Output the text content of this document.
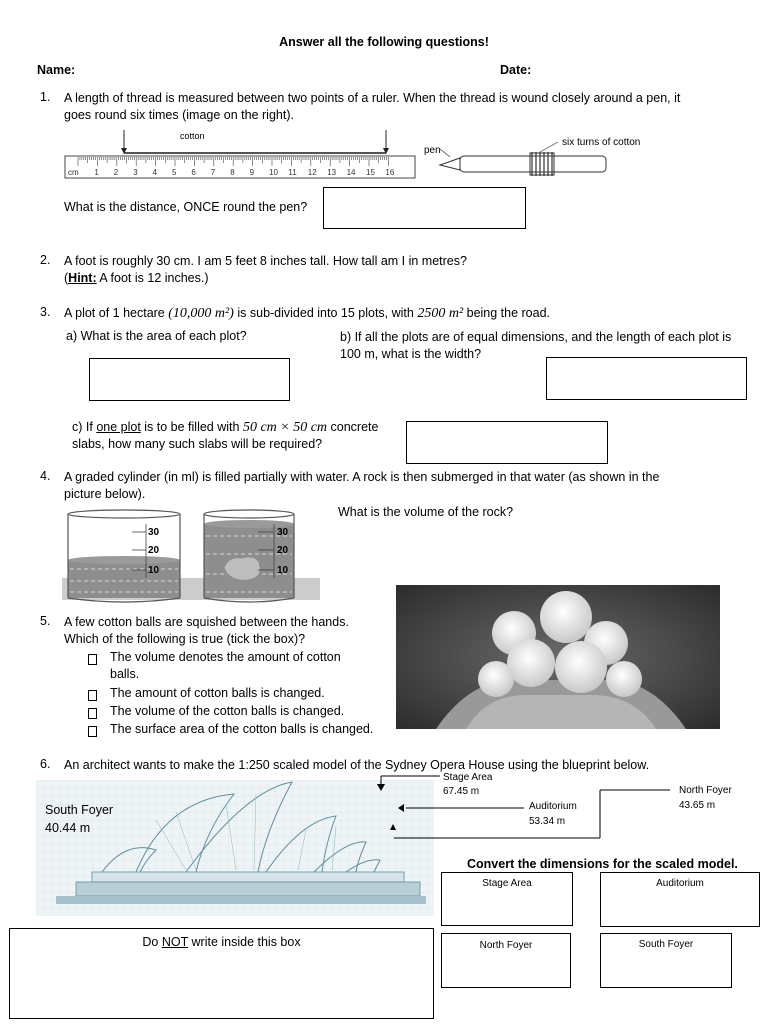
Answer all the following questions!
Name:	Date:
1. A length of thread is measured between two points of a ruler. When the thread is wound closely around a pen, it
goes round six times (image on the right).
cm 1 2 3 4 5 6 7 8 9 10 11 12 13 14 15 16
cotton
pen
six turns of cotton
What is the distance, ONCE round the pen?
2. A foot is roughly 30 cm. I am 5 feet 8 inches tall. How tall am I in metres?
(Hint: A foot is 12 inches.)
3. A plot of 1 hectare (10,000 m²) is sub-divided into 15 plots, with 2500 m² being the road.
a) What is the area of each plot?	b) If all the plots are of equal dimensions, and the length of each plot is
100 m, what is the width?
c) If one plot is to be filled with 50 cm × 50 cm concrete
slabs, how many such slabs will be required?
4. A graded cylinder (in ml) is filled partially with water. A rock is then submerged in that water (as shown in the
picture below).
What is the volume of the rock?
30
20
10
30
20
10
5. A few cotton balls are squished between the hands.
Which of the following is true (tick the box)?
The volume denotes the amount of cotton
balls.
The amount of cotton balls is changed.
The volume of the cotton balls is changed.
The surface area of the cotton balls is changed.
6. An architect wants to make the 1:250 scaled model of the Sydney Opera House using the blueprint below.
South Foyer
40.44 m
Stage Area
67.45 m
Auditorium
53.34 m
North Foyer
43.65 m
Convert the dimensions for the scaled model.
Stage Area	Auditorium
North Foyer	South Foyer
Do NOT write inside this box
